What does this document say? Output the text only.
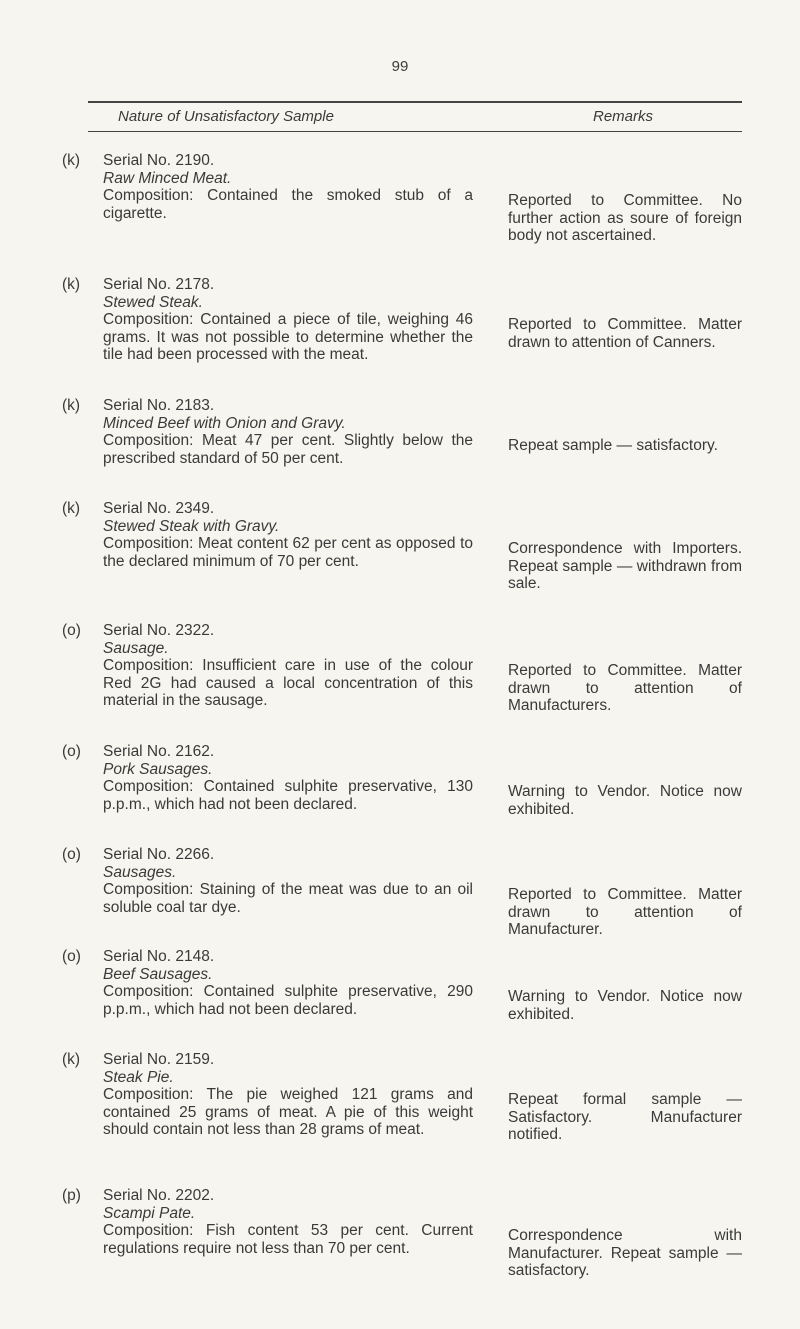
99
Nature of Unsatisfactory Sample	Remarks
(k) Serial No. 2190.
Raw Minced Meat.
Composition: Contained the smoked stub of a cigarette.
Reported to Committee. No further action as soure of foreign body not ascertained.
(k) Serial No. 2178.
Stewed Steak.
Composition: Contained a piece of tile, weighing 46 grams. It was not possible to determine whether the tile had been processed with the meat.
Reported to Committee. Matter drawn to attention of Canners.
(k) Serial No. 2183.
Minced Beef with Onion and Gravy.
Composition: Meat 47 per cent. Slightly below the prescribed standard of 50 per cent.
Repeat sample — satisfactory.
(k) Serial No. 2349.
Stewed Steak with Gravy.
Composition: Meat content 62 per cent as opposed to the declared minimum of 70 per cent.
Correspondence with Importers. Repeat sample — withdrawn from sale.
(o) Serial No. 2322.
Sausage.
Composition: Insufficient care in use of the colour Red 2G had caused a local concentration of this material in the sausage.
Reported to Committee. Matter drawn to attention of Manufacturers.
(o) Serial No. 2162.
Pork Sausages.
Composition: Contained sulphite preservative, 130 p.p.m., which had not been declared.
Warning to Vendor. Notice now exhibited.
(o) Serial No. 2266.
Sausages.
Composition: Staining of the meat was due to an oil soluble coal tar dye.
Reported to Committee. Matter drawn to attention of Manufacturer.
(o) Serial No. 2148.
Beef Sausages.
Composition: Contained sulphite preservative, 290 p.p.m., which had not been declared.
Warning to Vendor. Notice now exhibited.
(k) Serial No. 2159.
Steak Pie.
Composition: The pie weighed 121 grams and contained 25 grams of meat. A pie of this weight should contain not less than 28 grams of meat.
Repeat formal sample — Satisfactory. Manufacturer notified.
(p) Serial No. 2202.
Scampi Pate.
Composition: Fish content 53 per cent. Current regulations require not less than 70 per cent.
Correspondence with Manufacturer. Repeat sample — satisfactory.
